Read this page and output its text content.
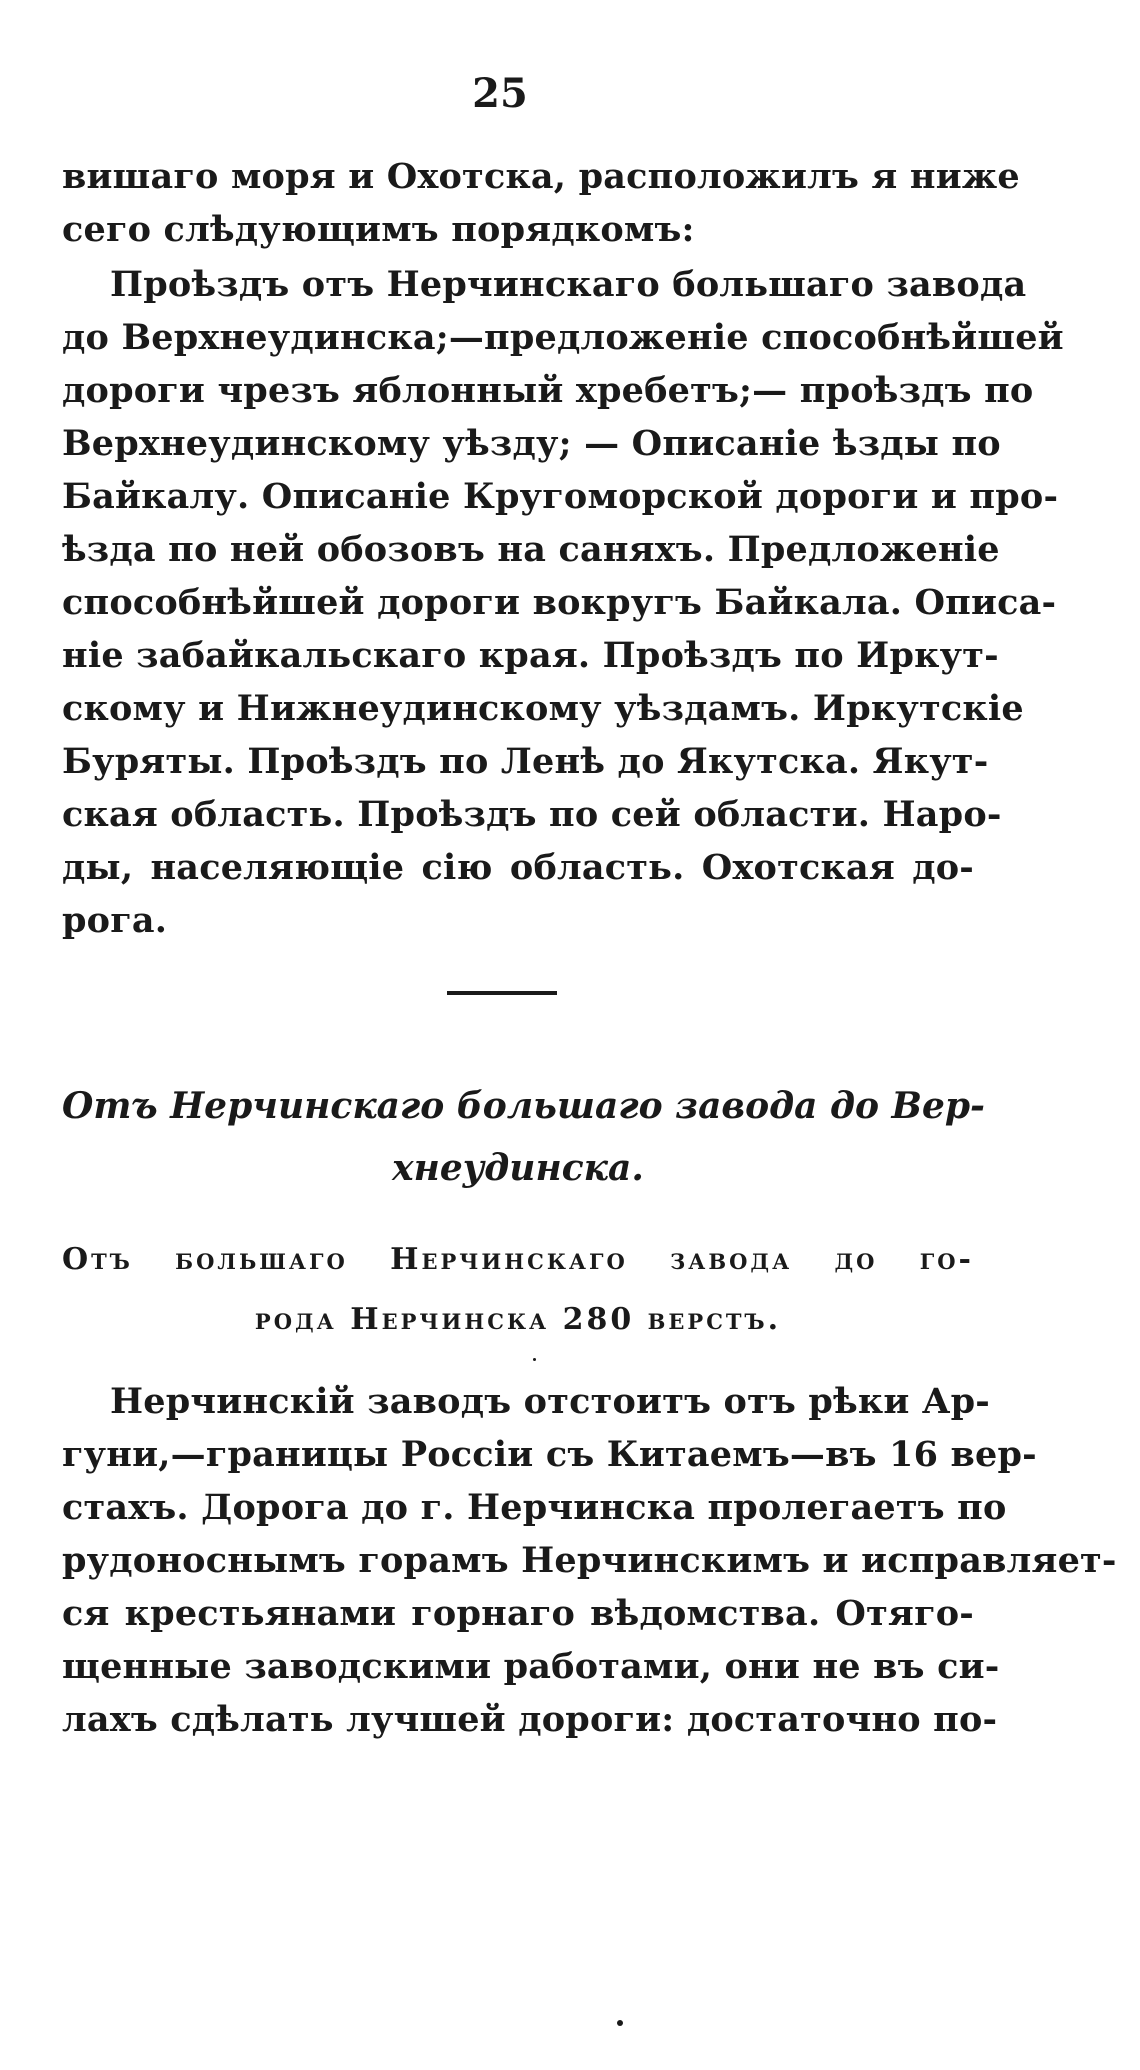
25
вишаго моря и Охотска, расположилъ я ниже
сего слѣдующимъ порядкомъ:
Проѣздъ отъ Нерчинскаго большаго завода
до Верхнеудинска;—предложеніе способнѣйшей
дороги чрезъ яблонный хребетъ;— проѣздъ по
Верхнеудинскому уѣзду; — Описаніе ѣзды по
Байкалу. Описаніе Кругоморской дороги и про-
ѣзда по ней обозовъ на саняхъ. Предложеніе
способнѣйшей дороги вокругъ Байкала. Описа-
ніе забайкальскаго края. Проѣздъ по Иркут-
скому и Нижнеудинскому уѣздамъ. Иркутскіе
Буряты. Проѣздъ по Ленѣ до Якутска. Якут-
ская область. Проѣздъ по сей области. Наро-
ды, населяющіе сію область. Охотская до-
рога.
Отъ Нерчинскаго большаго завода до Вер-
хнеудинска.
Отъ большаго Нерчинскаго завода до го-
рода Нерчинска 280 верстъ.
Нерчинскій заводъ отстоитъ отъ рѣки Ар-
гуни,—границы Россіи съ Китаемъ—въ 16 вер-
стахъ. Дорога до г. Нерчинска пролегаетъ по
рудоноснымъ горамъ Нерчинскимъ и исправляет-
ся крестьянами горнаго вѣдомства. Отяго-
щенные заводскими работами, они не въ си-
лахъ сдѣлать лучшей дороги: достаточно по-
